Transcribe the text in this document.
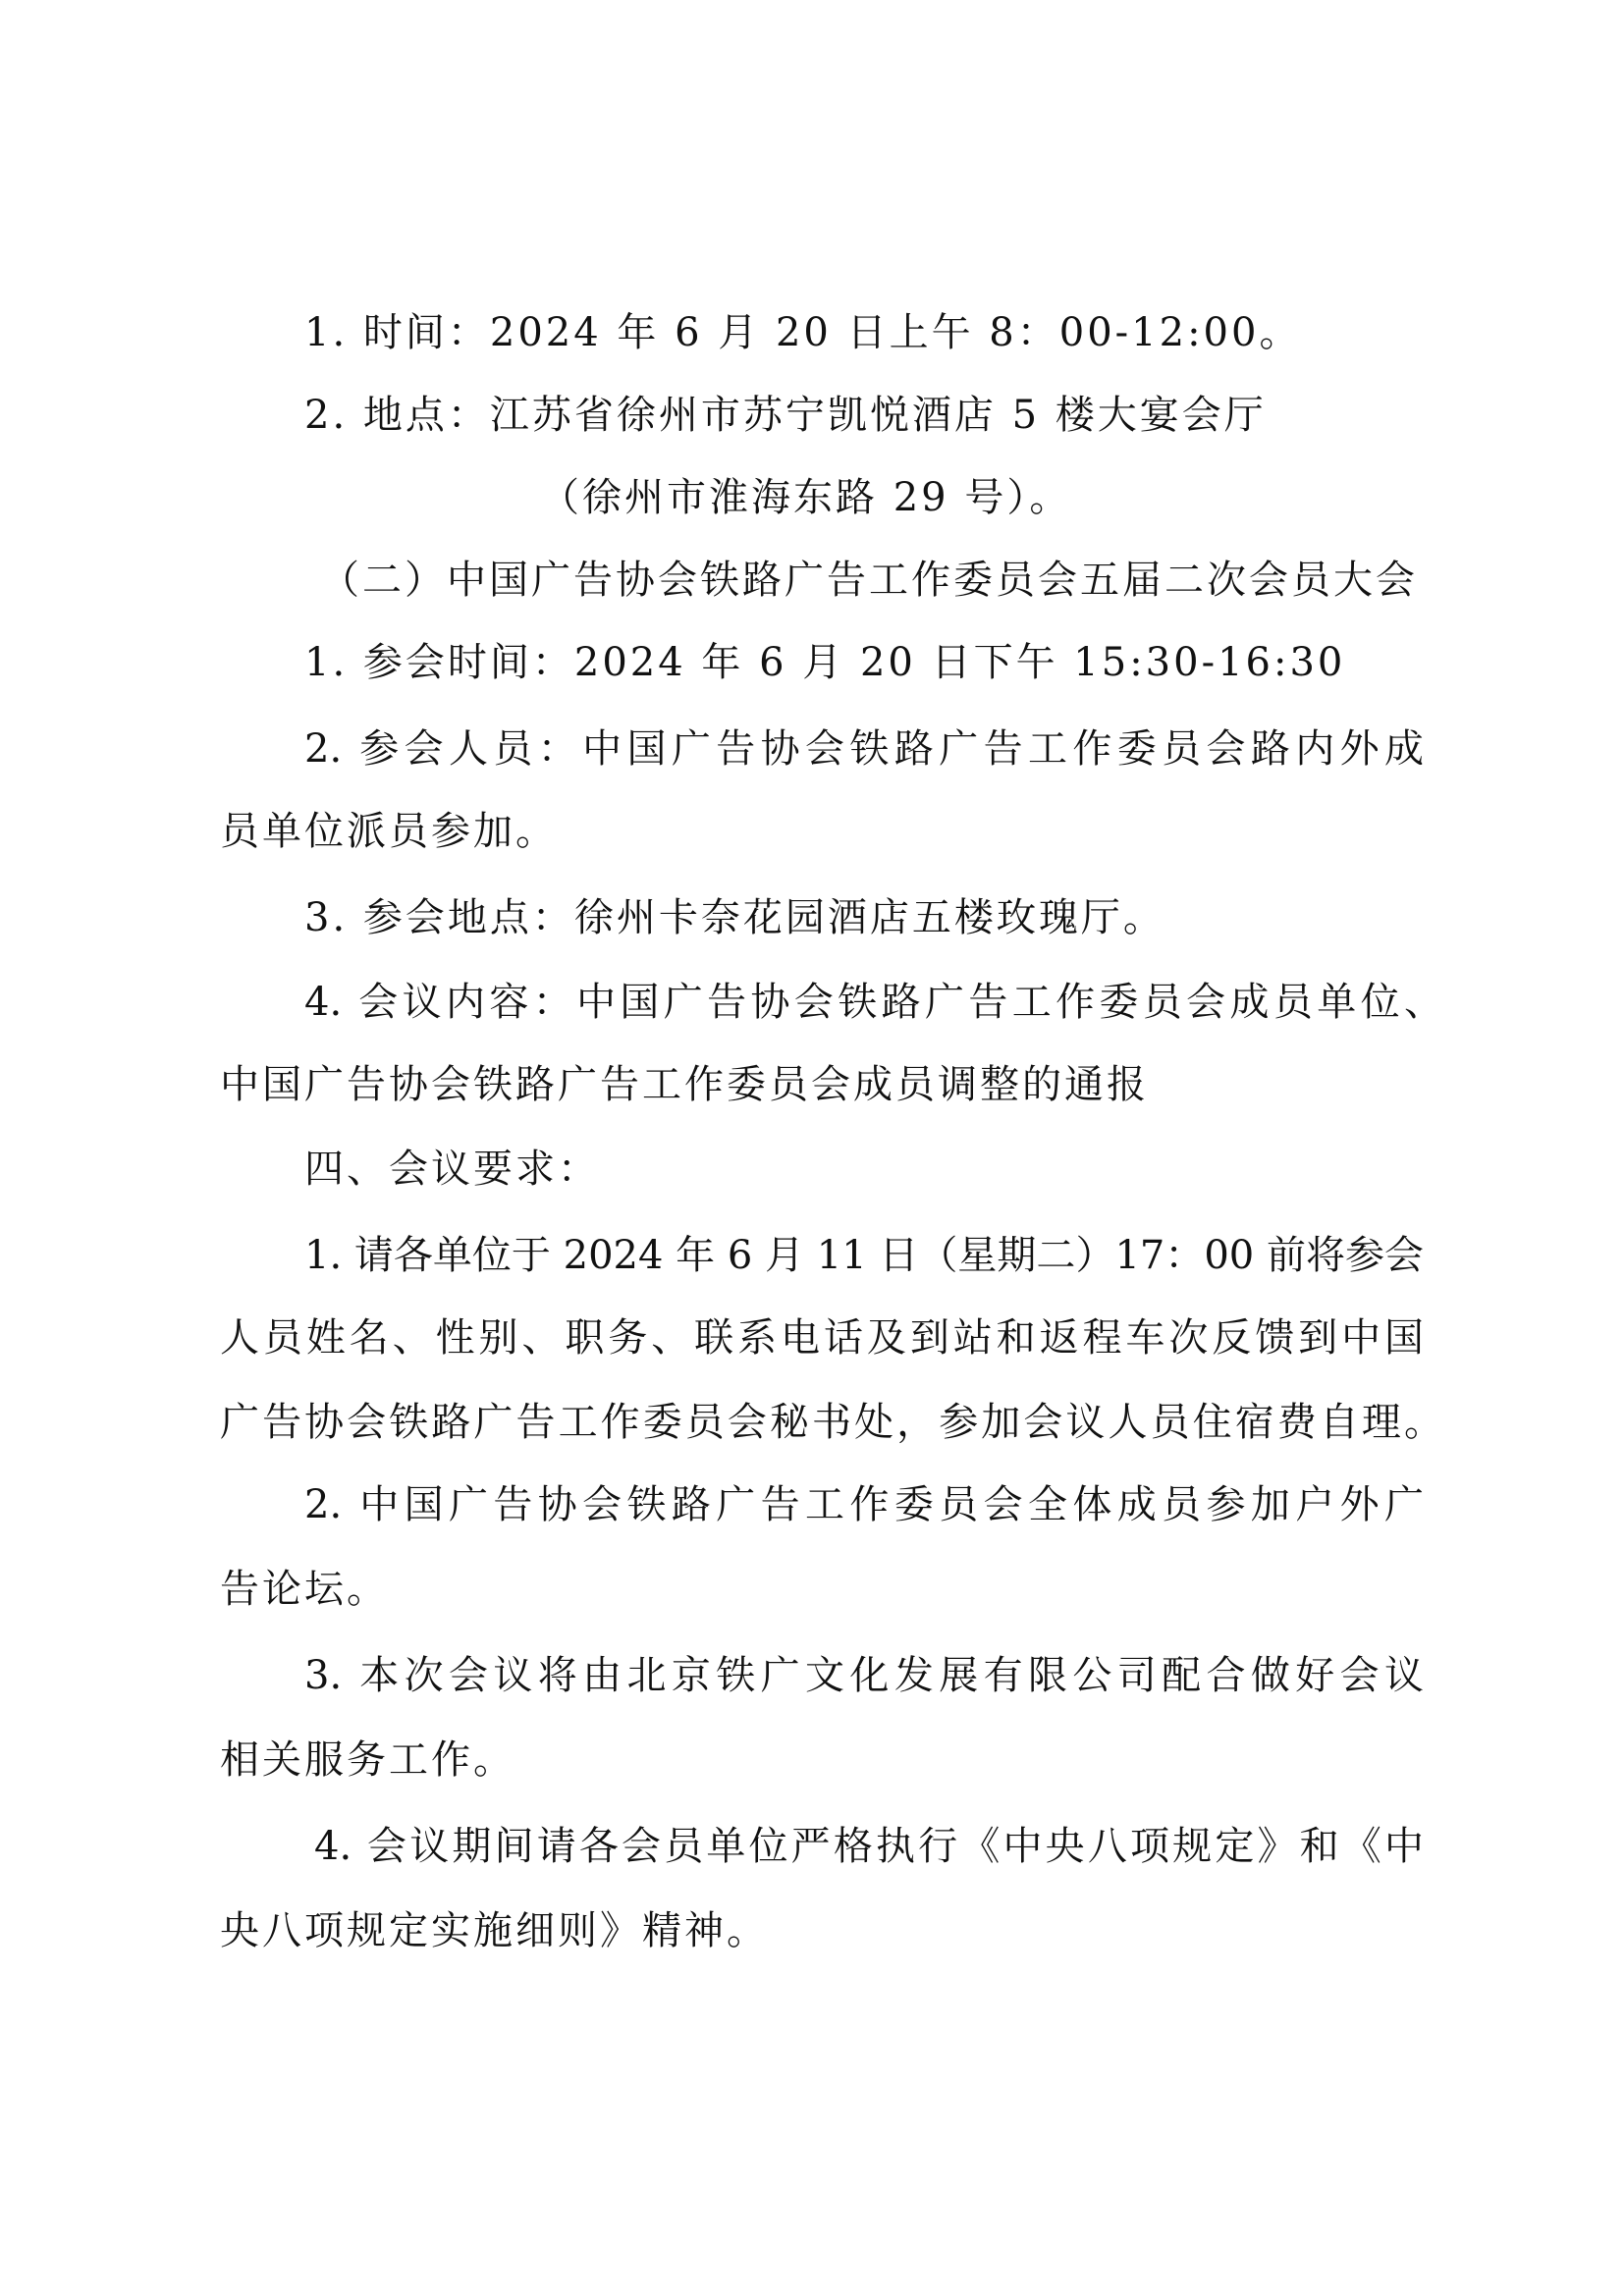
1. 时间：2024 年 6 月 20 日上午 8：00-12:00。
2. 地点：江苏省徐州市苏宁凯悦酒店 5 楼大宴会厅
（徐州市淮海东路 29 号）。
（二）中国广告协会铁路广告工作委员会五届二次会员大会
1. 参会时间：2024 年 6 月 20 日下午 15:30-16:30
2. 参会人员：中国广告协会铁路广告工作委员会路内外成
员单位派员参加。
3. 参会地点：徐州卡奈花园酒店五楼玫瑰厅。
4. 会议内容：中国广告协会铁路广告工作委员会成员单位、
中国广告协会铁路广告工作委员会成员调整的通报
四、会议要求：
1. 请各单位于 2024 年 6 月 11 日（星期二）17：00 前将参会
人员姓名、性别、职务、联系电话及到站和返程车次反馈到中国
广告协会铁路广告工作委员会秘书处，参加会议人员住宿费自理。
2. 中国广告协会铁路广告工作委员会全体成员参加户外广
告论坛。
3. 本次会议将由北京铁广文化发展有限公司配合做好会议
相关服务工作。
4. 会议期间请各会员单位严格执行《中央八项规定》和《中
央八项规定实施细则》精神。
